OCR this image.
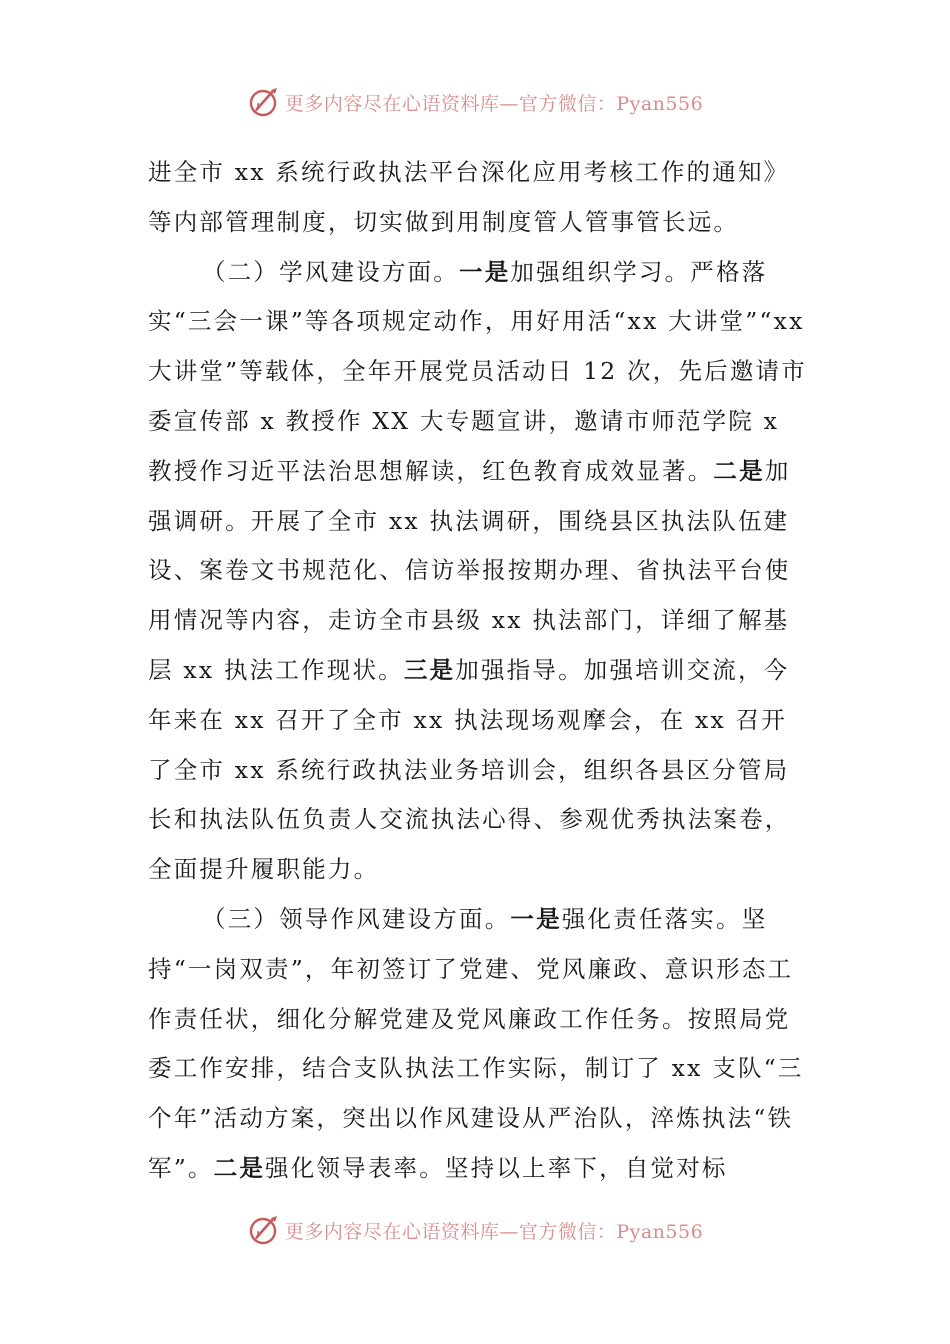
更多内容尽在心语资料库—官方微信：Pyan556

进全市 xx 系统行政执法平台深化应用考核工作的通知》等内部管理制度，切实做到用制度管人管事管长远。

（二）学风建设方面。一是加强组织学习。严格落实“三会一课”等各项规定动作，用好用活“xx 大讲堂”“xx 大讲堂”等载体，全年开展党员活动日 12 次，先后邀请市委宣传部 x 教授作 XX 大专题宣讲，邀请市师范学院 x 教授作习近平法治思想解读，红色教育成效显著。二是加强调研。开展了全市 xx 执法调研，围绕县区执法队伍建设、案卷文书规范化、信访举报按期办理、省执法平台使用情况等内容，走访全市县级 xx 执法部门，详细了解基层 xx 执法工作现状。三是加强指导。加强培训交流，今年来在 xx 召开了全市 xx 执法现场观摩会，在 xx 召开了全市 xx 系统行政执法业务培训会，组织各县区分管局长和执法队伍负责人交流执法心得、参观优秀执法案卷，全面提升履职能力。

（三）领导作风建设方面。一是强化责任落实。坚持“一岗双责”，年初签订了党建、党风廉政、意识形态工作责任状，细化分解党建及党风廉政工作任务。按照局党委工作安排，结合支队执法工作实际，制订了 xx 支队“三个年”活动方案，突出以作风建设从严治队，淬炼执法“铁军”。二是强化领导表率。坚持以上率下，自觉对标

更多内容尽在心语资料库—官方微信：Pyan556
